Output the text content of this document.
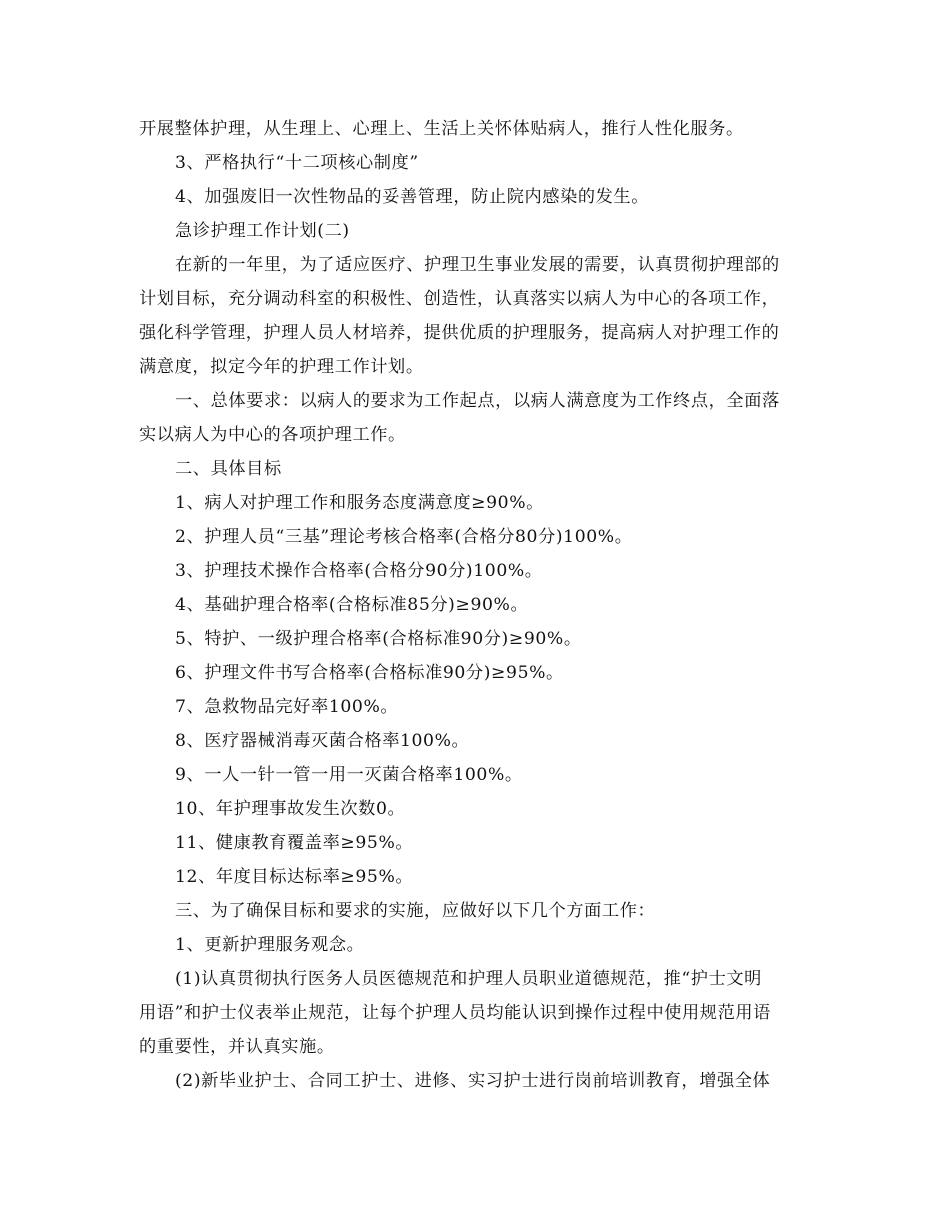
开展整体护理，从生理上、心理上、生活上关怀体贴病人，推行人性化服务。

3、严格执行“十二项核心制度”

4、加强废旧一次性物品的妥善管理，防止院内感染的发生。

急诊护理工作计划(二)

在新的一年里，为了适应医疗、护理卫生事业发展的需要，认真贯彻护理部的

计划目标，充分调动科室的积极性、创造性，认真落实以病人为中心的各项工作，

强化科学管理，护理人员人材培养，提供优质的护理服务，提高病人对护理工作的

满意度，拟定今年的护理工作计划。

一、总体要求：以病人的要求为工作起点，以病人满意度为工作终点，全面落

实以病人为中心的各项护理工作。

二、具体目标

1、病人对护理工作和服务态度满意度≥90%。

2、护理人员“三基”理论考核合格率(合格分80分)100%。

3、护理技术操作合格率(合格分90分)100%。

4、基础护理合格率(合格标准85分)≥90%。

5、特护、一级护理合格率(合格标准90分)≥90%。

6、护理文件书写合格率(合格标准90分)≥95%。

7、急救物品完好率100%。

8、医疗器械消毒灭菌合格率100%。

9、一人一针一管一用一灭菌合格率100%。

10、年护理事故发生次数0。

11、健康教育覆盖率≥95%。

12、年度目标达标率≥95%。

三、为了确保目标和要求的实施，应做好以下几个方面工作：

1、更新护理服务观念。

(1)认真贯彻执行医务人员医德规范和护理人员职业道德规范，推“护士文明

用语”和护士仪表举止规范，让每个护理人员均能认识到操作过程中使用规范用语

的重要性，并认真实施。

(2)新毕业护士、合同工护士、进修、实习护士进行岗前培训教育，增强全体
